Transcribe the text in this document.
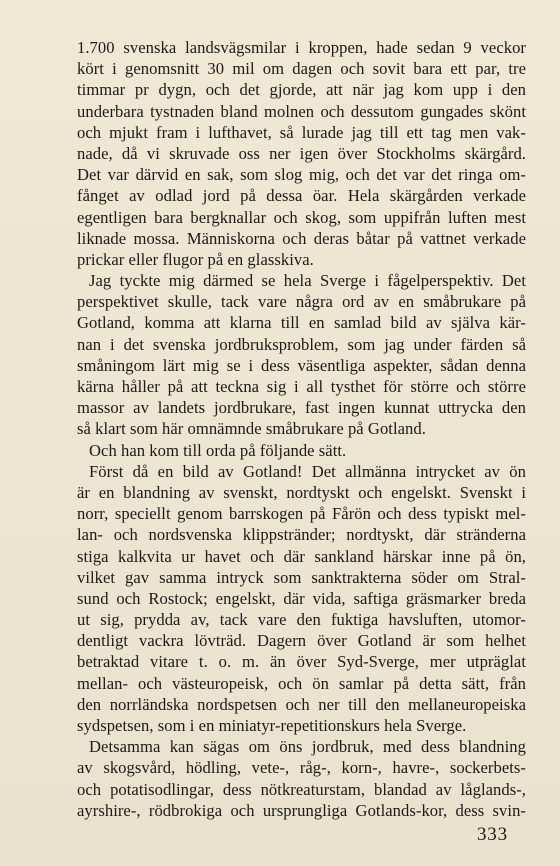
1.700 svenska landsvägsmilar i kroppen, hade sedan 9 veckor
kört i genomsnitt 30 mil om dagen och sovit bara ett par, tre
timmar pr dygn, och det gjorde, att när jag kom upp i den
underbara tystnaden bland molnen och dessutom gungades skönt
och mjukt fram i lufthavet, så lurade jag till ett tag men vak-
nade, då vi skruvade oss ner igen över Stockholms skärgård.
Det var därvid en sak, som slog mig, och det var det ringa om-
fånget av odlad jord på dessa öar. Hela skärgården verkade
egentligen bara bergknallar och skog, som uppifrån luften mest
liknade mossa. Människorna och deras båtar på vattnet verkade
prickar eller flugor på en glasskiva.
Jag tyckte mig därmed se hela Sverge i fågelperspektiv. Det
perspektivet skulle, tack vare några ord av en småbrukare på
Gotland, komma att klarna till en samlad bild av själva kär-
nan i det svenska jordbruksproblem, som jag under färden så
småningom lärt mig se i dess väsentliga aspekter, sådan denna
kärna håller på att teckna sig i all tysthet för större och större
massor av landets jordbrukare, fast ingen kunnat uttrycka den
så klart som här omnämnde småbrukare på Gotland.
Och han kom till orda på följande sätt.
Först då en bild av Gotland! Det allmänna intrycket av ön
är en blandning av svenskt, nordtyskt och engelskt. Svenskt i
norr, speciellt genom barrskogen på Fårön och dess typiskt mel-
lan- och nordsvenska klippstränder; nordtyskt, där stränderna
stiga kalkvita ur havet och där sankland härskar inne på ön,
vilket gav samma intryck som sanktrakterna söder om Stral-
sund och Rostock; engelskt, där vida, saftiga gräsmarker breda
ut sig, prydda av, tack vare den fuktiga havsluften, utomor-
dentligt vackra lövträd. Dagern över Gotland är som helhet
betraktad vitare t. o. m. än över Syd-Sverge, mer utpräglat
mellan- och västeuropeisk, och ön samlar på detta sätt, från
den norrländska nordspetsen och ner till den mellaneuropeiska
sydspetsen, som i en miniatyr-repetitionskurs hela Sverge.
Detsamma kan sägas om öns jordbruk, med dess blandning
av skogsvård, hödling, vete-, råg-, korn-, havre-, sockerbets-
och potatisodlingar, dess nötkreaturstam, blandad av låglands-,
ayrshire-, rödbrokiga och ursprungliga Gotlands-kor, dess svin-
333
